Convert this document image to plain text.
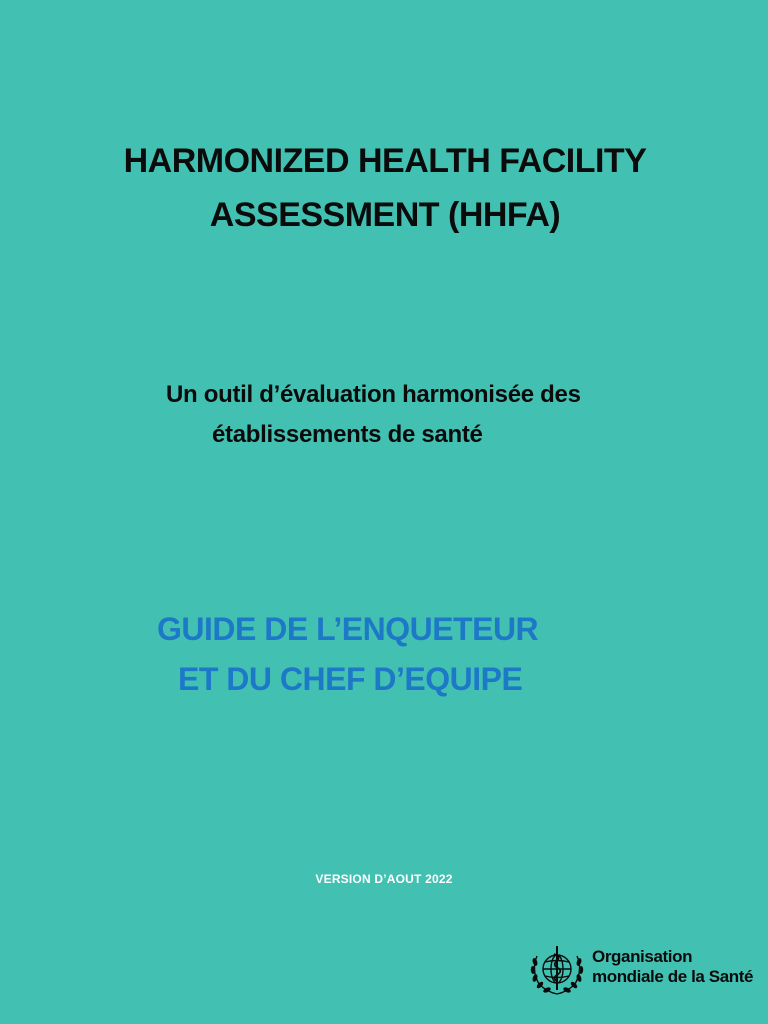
HARMONIZED HEALTH FACILITY
ASSESSMENT (HHFA)
Un outil d’évaluation harmonisée des
établissements de santé
GUIDE DE L’ENQUETEUR
ET DU CHEF D’EQUIPE
VERSION D’AOUT 2022
Organisation
mondiale de la Santé
